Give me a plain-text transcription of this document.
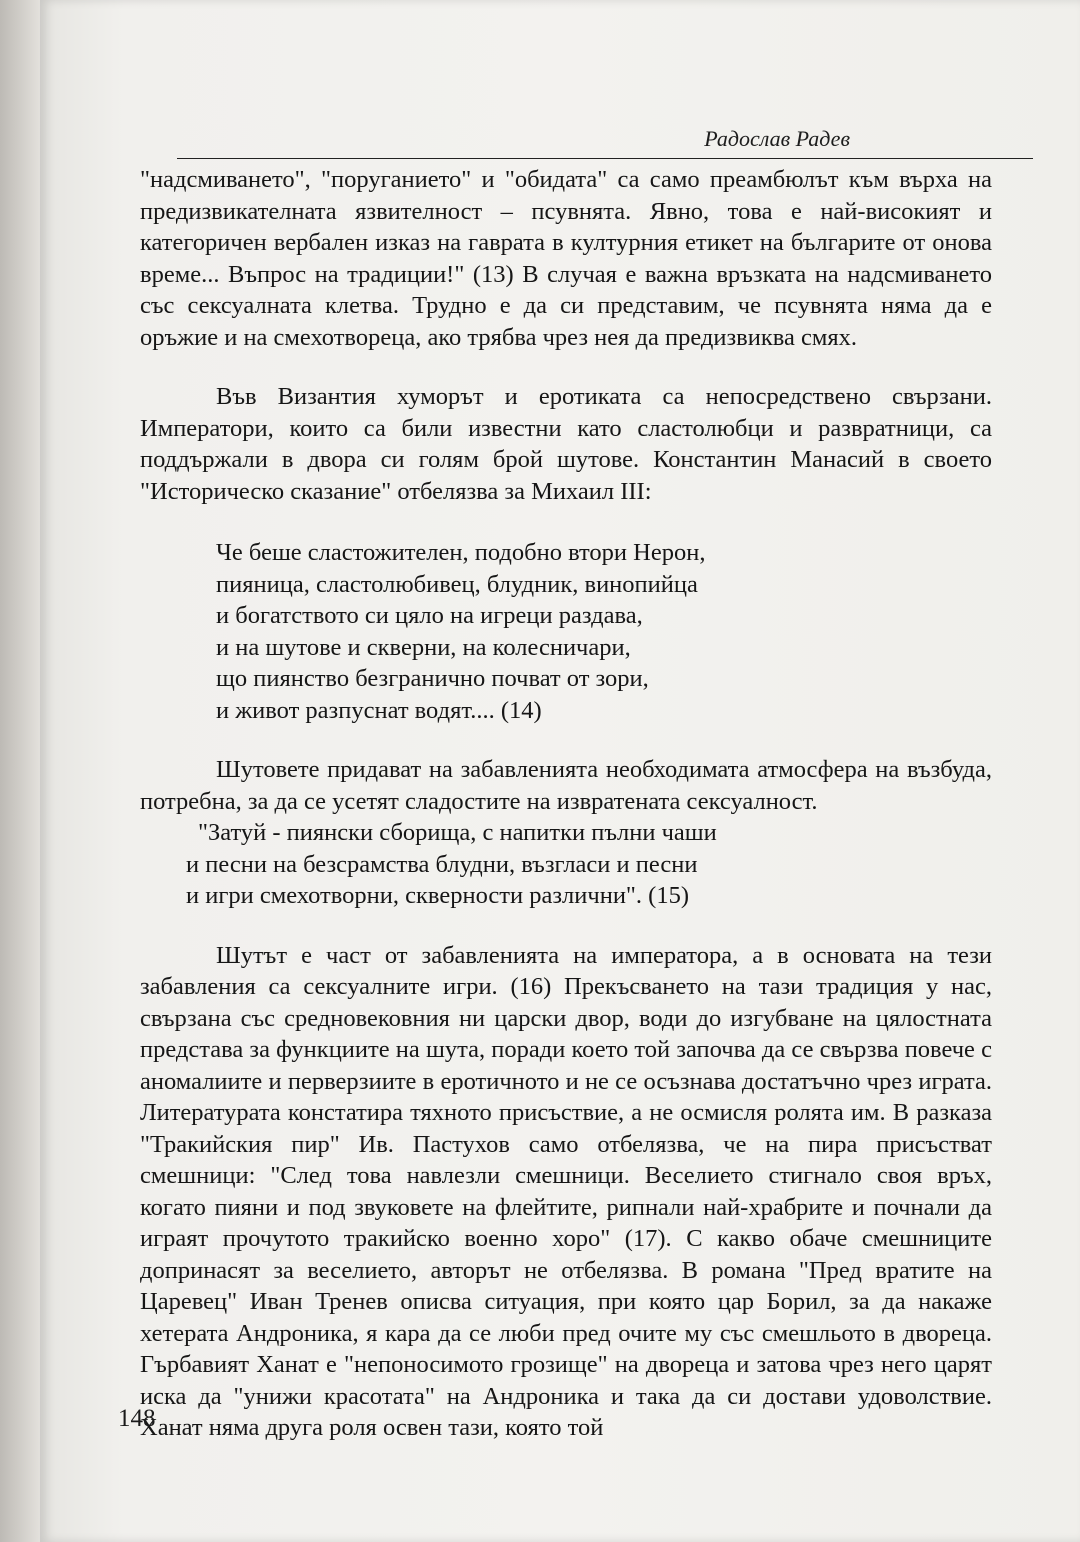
Радослав Радев

"надсмиването", "поруганието" и "обидата" са само преамбюлът към върха на предизвикателната язвителност – псувнята. Явно, това е най-високият и категоричен вербален изказ на гаврата в културния етикет на българите от онова време... Въпрос на традиции!" (13) В случая е важна връзката на надсмиването със сексуалната клетва. Трудно е да си представим, че псувнята няма да е оръжие и на смехотвореца, ако трябва чрез нея да предизвиква смях.

Във Византия хуморът и еротиката са непосредствено свързани. Императори, които са били известни като сластолюбци и развратници, са поддържали в двора си голям брой шутове. Константин Манасий в своето "Историческо сказание" отбелязва за Михаил III:

Че беше сластожителен, подобно втори Нерон,
пияница, сластолюбивец, блудник, винопийца
и богатството си цяло на игреци раздава,
и на шутове и скверни, на колесничари,
що пиянство безгранично почват от зори,
и живот разпуснат водят.... (14)

Шутовете придават на забавленията необходимата атмосфера на възбуда, потребна, за да се усетят сладостите на извратената сексуалност.

"Затуй - пиянски сборища, с напитки пълни чаши
и песни на безсрамства блудни, възгласи и песни
и игри смехотворни, скверности различни". (15)

Шутът е част от забавленията на императора, а в основата на тези забавления са сексуалните игри. (16) Прекъсването на тази традиция у нас, свързана със средновековния ни царски двор, води до изгубване на цялостната представа за функциите на шута, поради което той започва да се свързва повече с аномалиите и перверзиите в еротичното и не се осъзнава достатъчно чрез играта. Литературата констатира тяхното присъствие, а не осмисля ролята им. В разказа "Тракийския пир" Ив. Пастухов само отбелязва, че на пира присъстват смешници: "След това навлезли смешници. Веселието стигнало своя връх, когато пияни и под звуковете на флейтите, рипнали най-храбрите и почнали да играят прочутото тракийско военно хоро" (17). С какво обаче смешниците допринасят за веселието, авторът не отбелязва. В романа "Пред вратите на Царевец" Иван Тренев описва ситуация, при която цар Борил, за да накаже хетерата Андроника, я кара да се люби пред очите му със смешльото в двореца. Гърбавият Ханат е "непоносимото грозище" на двореца и затова чрез него царят иска да "унижи красотата" на Андроника и така да си достави удоволствие. Ханат няма друга роля освен тази, която той

148
